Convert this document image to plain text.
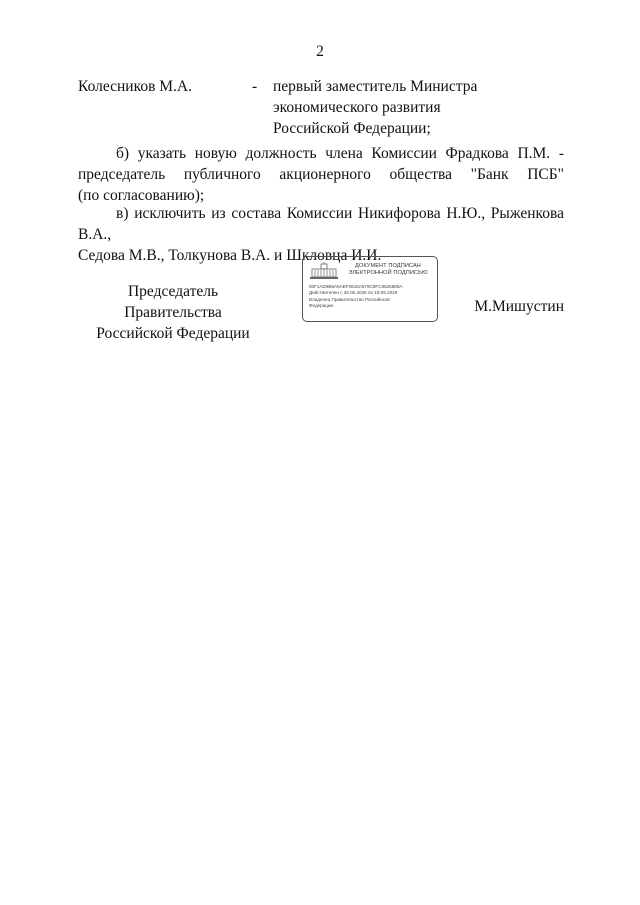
2
Колесников М.А.	- первый заместитель Министра
экономического развития
Российской Федерации;
б) указать новую должность члена Комиссии Фрадкова П.М. -
председатель публичного акционерного общества "Банк ПСБ"
(по согласованию);
в) исключить из состава Комиссии Никифорова Н.Ю., Рыженкова В.А.,
Седова М.В., Толкунова В.А. и Шкловца И.И.
Председатель Правительства
Российской Федерации
ДОКУМЕНТ ПОДПИСАН
ЭЛЕКТРОННОЙ ПОДПИСЬЮ
00F1AD9B6A5AEF0615A579C8FC9625986A
Действителен с 26.06.2025 по 19.09.2026
Владелец Правительство Российской
Федерации	М.Мишустин
